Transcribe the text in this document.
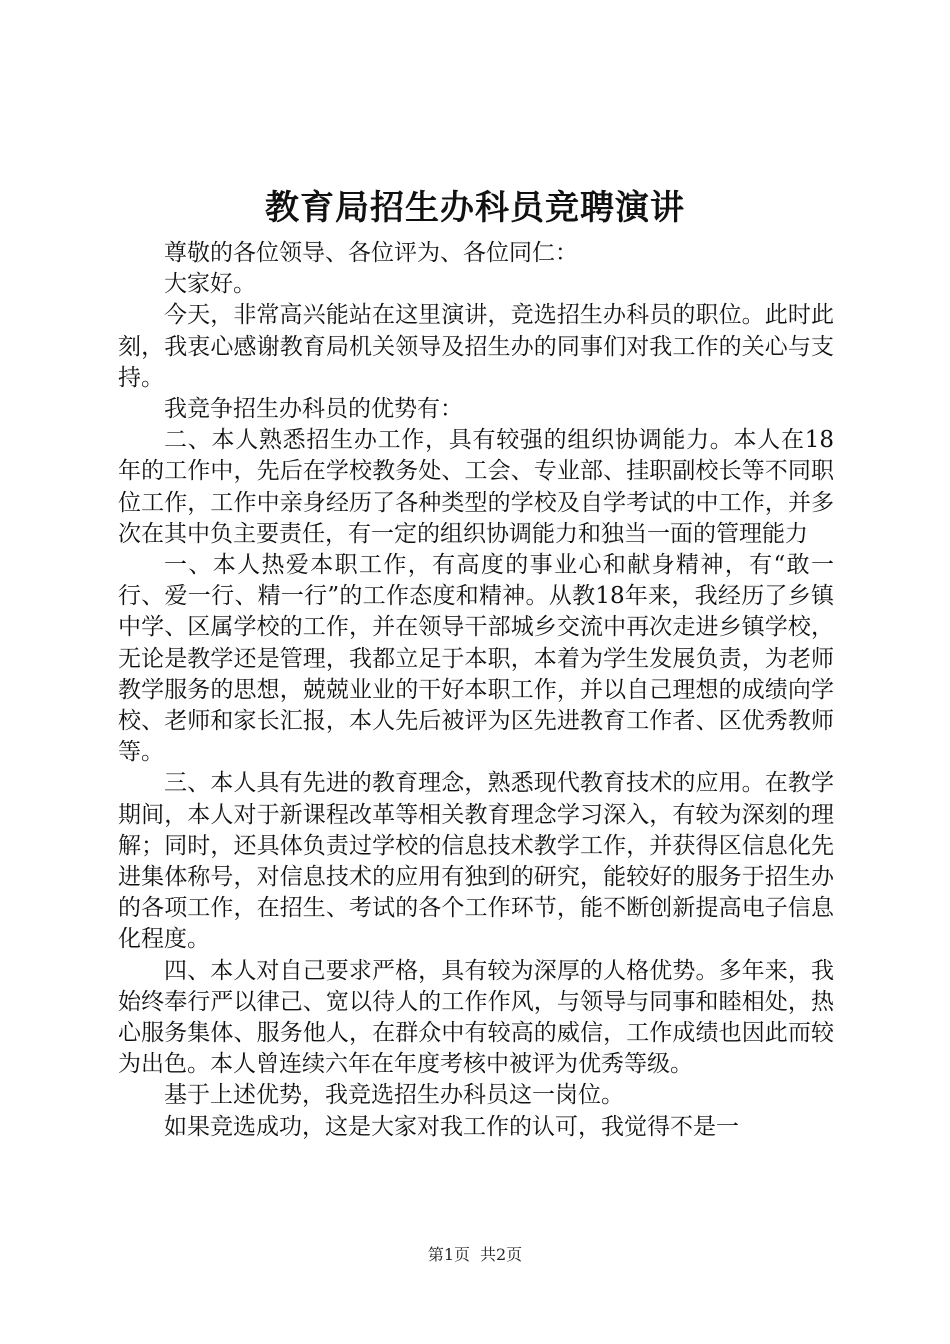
教育局招生办科员竞聘演讲

尊敬的各位领导、各位评为、各位同仁：

大家好。

今天，非常高兴能站在这里演讲，竞选招生办科员的职位。此时此刻，我衷心感谢教育局机关领导及招生办的同事们对我工作的关心与支持。

我竞争招生办科员的优势有：

二、本人熟悉招生办工作，具有较强的组织协调能力。本人在18年的工作中，先后在学校教务处、工会、专业部、挂职副校长等不同职位工作，工作中亲身经历了各种类型的学校及自学考试的中工作，并多次在其中负主要责任，有一定的组织协调能力和独当一面的管理能力

一、本人热爱本职工作，有高度的事业心和献身精神，有“敢一行、爱一行、精一行”的工作态度和精神。从教18年来，我经历了乡镇中学、区属学校的工作，并在领导干部城乡交流中再次走进乡镇学校，无论是教学还是管理，我都立足于本职，本着为学生发展负责，为老师教学服务的思想，兢兢业业的干好本职工作，并以自己理想的成绩向学校、老师和家长汇报，本人先后被评为区先进教育工作者、区优秀教师等。

三、本人具有先进的教育理念，熟悉现代教育技术的应用。在教学期间，本人对于新课程改革等相关教育理念学习深入，有较为深刻的理解；同时，还具体负责过学校的信息技术教学工作，并获得区信息化先进集体称号，对信息技术的应用有独到的研究，能较好的服务于招生办的各项工作，在招生、考试的各个工作环节，能不断创新提高电子信息化程度。

四、本人对自己要求严格，具有较为深厚的人格优势。多年来，我始终奉行严以律己、宽以待人的工作作风，与领导与同事和睦相处，热心服务集体、服务他人，在群众中有较高的威信，工作成绩也因此而较为出色。本人曾连续六年在年度考核中被评为优秀等级。

基于上述优势，我竞选招生办科员这一岗位。

如果竞选成功，这是大家对我工作的认可，我觉得不是一

第1页 共2页
